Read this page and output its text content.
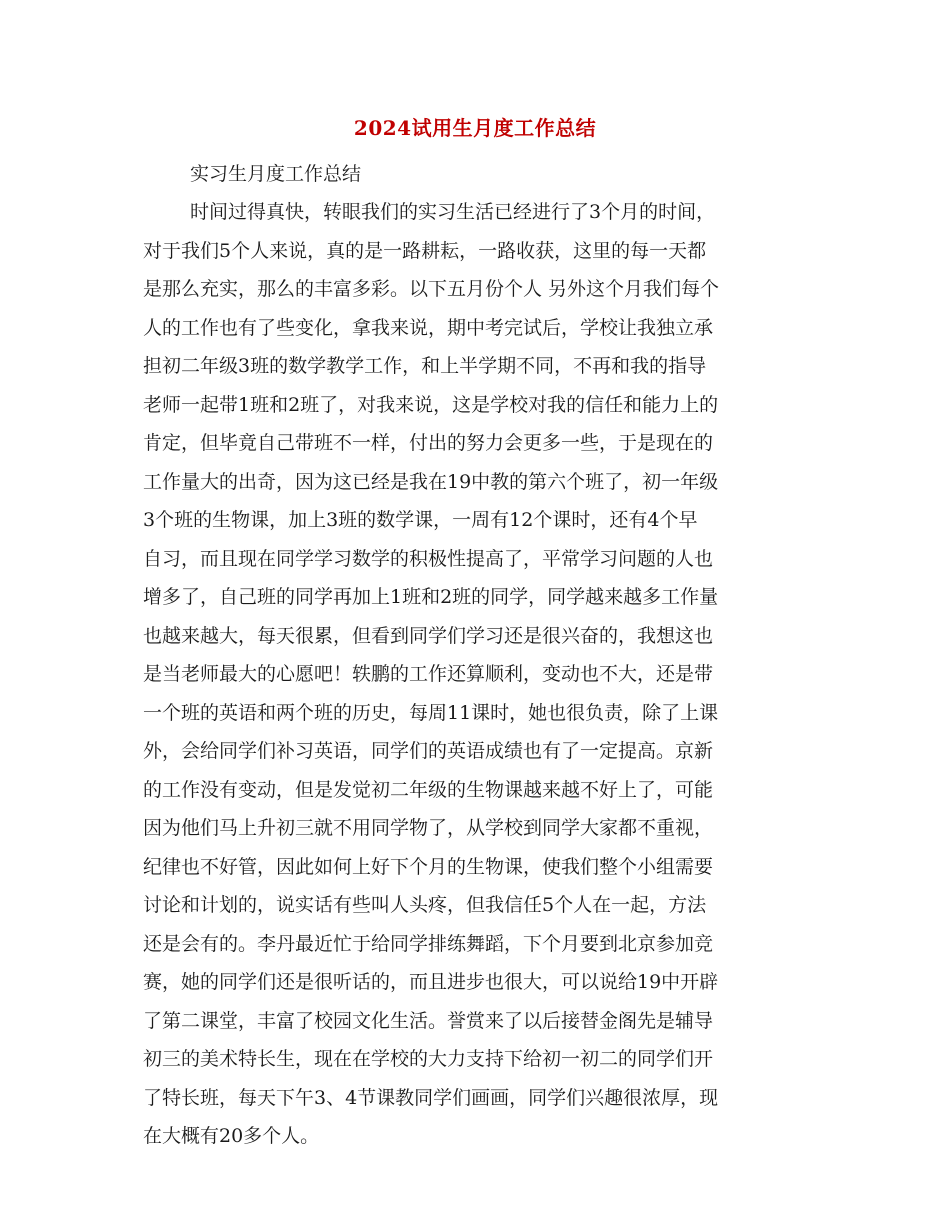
2024试用生月度工作总结
实习生月度工作总结
时间过得真快，转眼我们的实习生活已经进行了3个月的时间，
对于我们5个人来说，真的是一路耕耘，一路收获，这里的每一天都
是那么充实，那么的丰富多彩。以下五月份个人 另外这个月我们每个
人的工作也有了些变化，拿我来说，期中考完试后，学校让我独立承
担初二年级3班的数学教学工作，和上半学期不同，不再和我的指导
老师一起带1班和2班了，对我来说，这是学校对我的信任和能力上的
肯定，但毕竟自己带班不一样，付出的努力会更多一些，于是现在的
工作量大的出奇，因为这已经是我在19中教的第六个班了，初一年级
3个班的生物课，加上3班的数学课，一周有12个课时，还有4个早
自习，而且现在同学学习数学的积极性提高了，平常学习问题的人也
增多了，自己班的同学再加上1班和2班的同学，同学越来越多工作量
也越来越大，每天很累，但看到同学们学习还是很兴奋的，我想这也
是当老师最大的心愿吧！轶鹏的工作还算顺利，变动也不大，还是带
一个班的英语和两个班的历史，每周11课时，她也很负责，除了上课
外，会给同学们补习英语，同学们的英语成绩也有了一定提高。京新
的工作没有变动，但是发觉初二年级的生物课越来越不好上了，可能
因为他们马上升初三就不用同学物了，从学校到同学大家都不重视，
纪律也不好管，因此如何上好下个月的生物课，使我们整个小组需要
讨论和计划的，说实话有些叫人头疼，但我信任5个人在一起，方法
还是会有的。李丹最近忙于给同学排练舞蹈，下个月要到北京参加竞
赛，她的同学们还是很听话的，而且进步也很大，可以说给19中开辟
了第二课堂，丰富了校园文化生活。誉赏来了以后接替金阁先是辅导
初三的美术特长生，现在在学校的大力支持下给初一初二的同学们开
了特长班，每天下午3、4节课教同学们画画，同学们兴趣很浓厚，现
在大概有20多个人。
